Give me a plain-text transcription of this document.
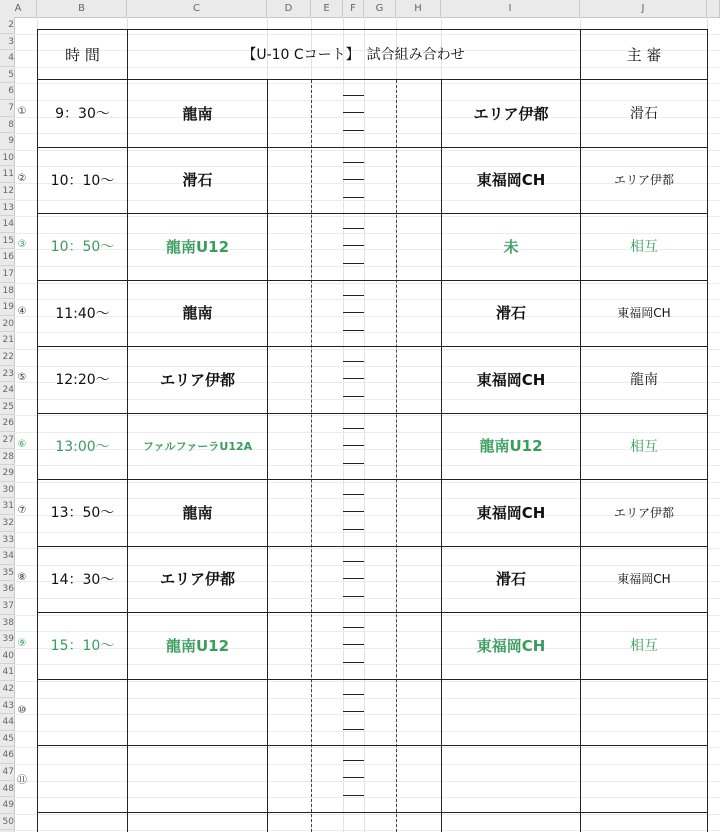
A	B	C	D	E	F	G	H	I	J
2
3
4
5
6
7
8
9
10
11
12
13
14
15
16
17
18
19
20
21
22
23
24
25
26
27
28
29
30
31
32
33
34
35
36
37
38
39
40
41
42
43
44
45
46
47
48
49
50
時 間	【U-10 Cコート】　試合組み合わせ	主 審
①	9：30〜	龍南	エリア伊都	滑石
②	10：10〜	滑石	東福岡CH	エリア伊都
③	10：50〜	龍南U12	未	相互
④	11:40〜	龍南	滑石	東福岡CH
⑤	12:20〜	エリア伊都	東福岡CH	龍南
⑥	13:00〜	ファルファーラU12A	龍南U12	相互
⑦	13：50〜	龍南	東福岡CH	エリア伊都
⑧	14：30〜	エリア伊都	滑石	東福岡CH
⑨	15：10〜	龍南U12	東福岡CH	相互
⑩
⑪
